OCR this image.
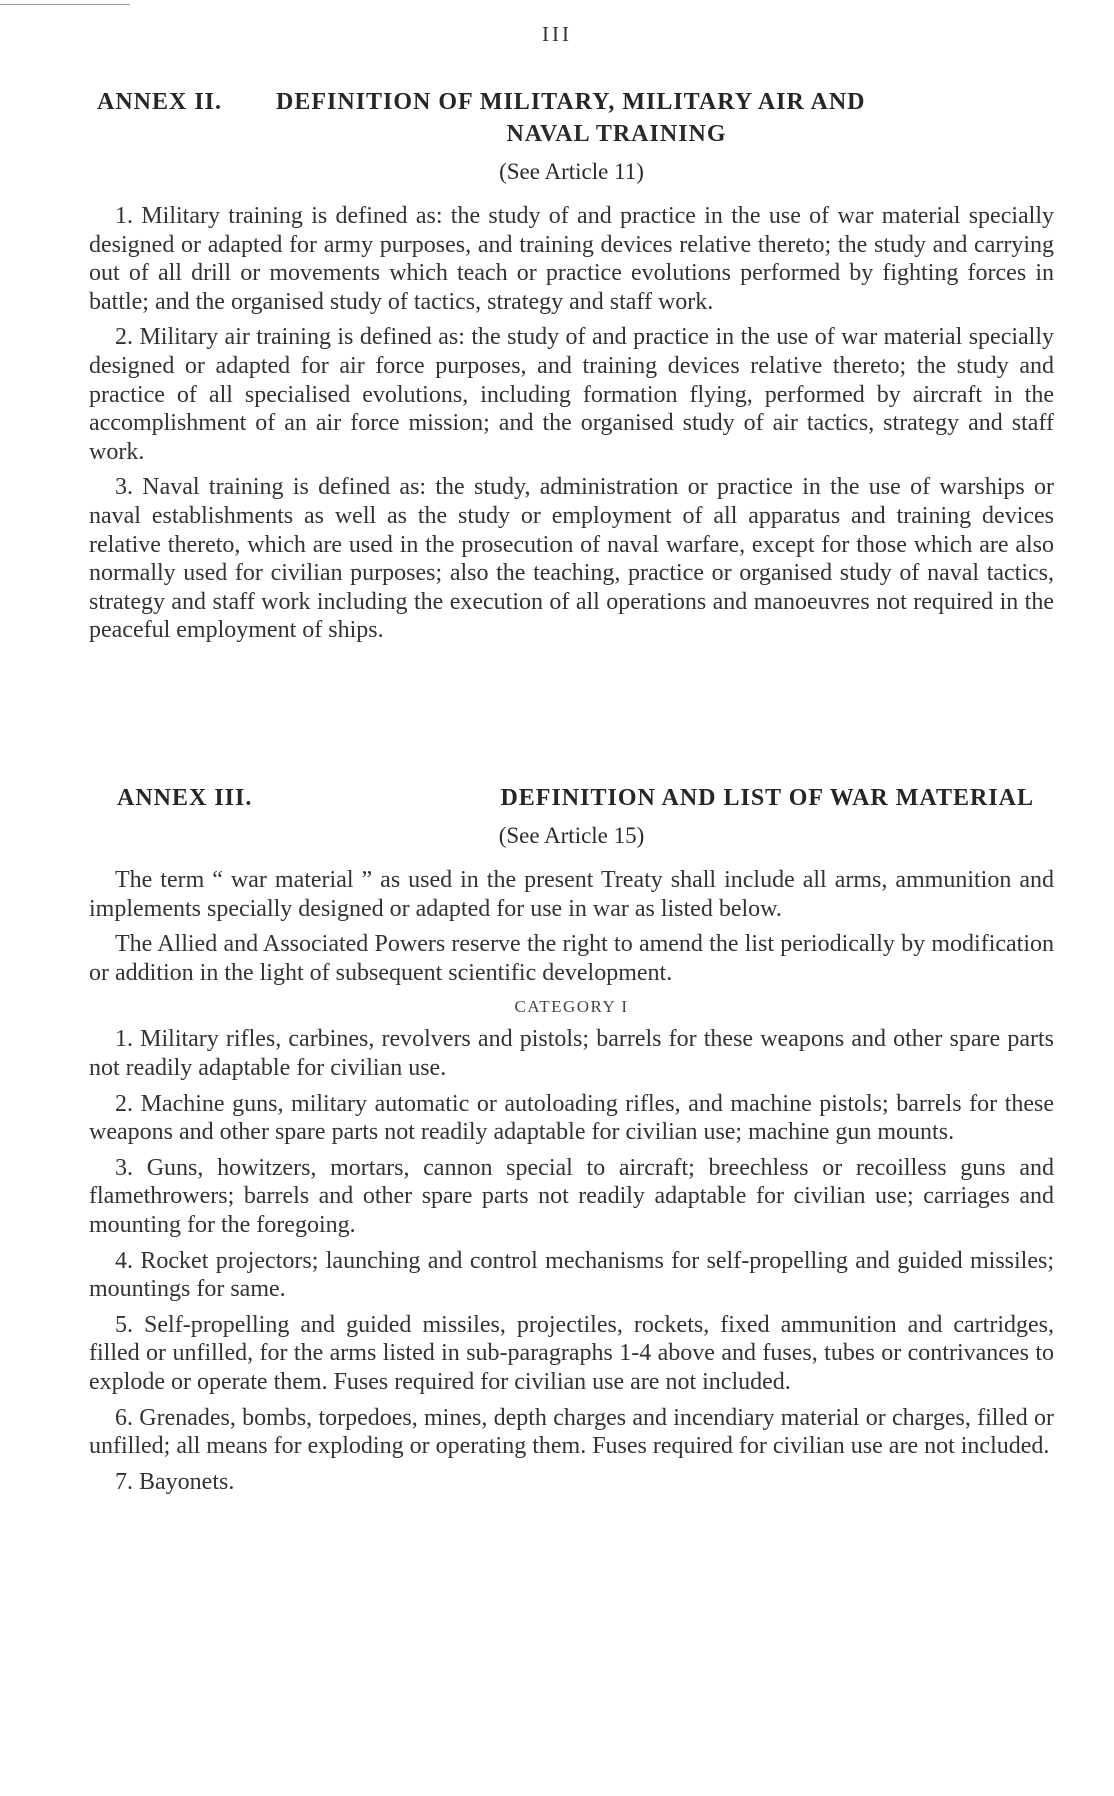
III
ANNEX II. DEFINITION OF MILITARY, MILITARY AIR AND
NAVAL TRAINING
(See Article 11)

1. Military training is defined as: the study of and practice in the use of war material specially designed or adapted for army purposes, and training devices relative thereto; the study and carrying out of all drill or movements which teach or practice evolutions performed by fighting forces in battle; and the organised study of tactics, strategy and staff work.

2. Military air training is defined as: the study of and practice in the use of war material specially designed or adapted for air force purposes, and training devices relative thereto; the study and practice of all specialised evolutions, including formation flying, performed by aircraft in the accomplishment of an air force mission; and the organised study of air tactics, strategy and staff work.

3. Naval training is defined as: the study, administration or practice in the use of warships or naval establishments as well as the study or employment of all apparatus and training devices relative thereto, which are used in the prosecution of naval warfare, except for those which are also normally used for civilian purposes; also the teaching, practice or organised study of naval tactics, strategy and staff work including the execution of all operations and manoeuvres not required in the peaceful employment of ships.

ANNEX III.	DEFINITION AND LIST OF WAR MATERIAL
(See Article 15)

The term “ war material ” as used in the present Treaty shall include all arms, ammunition and implements specially designed or adapted for use in war as listed below.

The Allied and Associated Powers reserve the right to amend the list periodically by modification or addition in the light of subsequent scientific development.

CATEGORY I

1. Military rifles, carbines, revolvers and pistols; barrels for these weapons and other spare parts not readily adaptable for civilian use.

2. Machine guns, military automatic or autoloading rifles, and machine pistols; barrels for these weapons and other spare parts not readily adaptable for civilian use; machine gun mounts.

3. Guns, howitzers, mortars, cannon special to aircraft; breechless or recoilless guns and flamethrowers; barrels and other spare parts not readily adaptable for civilian use; carriages and mounting for the foregoing.

4. Rocket projectors; launching and control mechanisms for self-propelling and guided missiles; mountings for same.

5. Self-propelling and guided missiles, projectiles, rockets, fixed ammunition and cartridges, filled or unfilled, for the arms listed in sub-paragraphs 1-4 above and fuses, tubes or contrivances to explode or operate them. Fuses required for civilian use are not included.

6. Grenades, bombs, torpedoes, mines, depth charges and incendiary material or charges, filled or unfilled; all means for exploding or operating them. Fuses required for civilian use are not included.

7. Bayonets.
